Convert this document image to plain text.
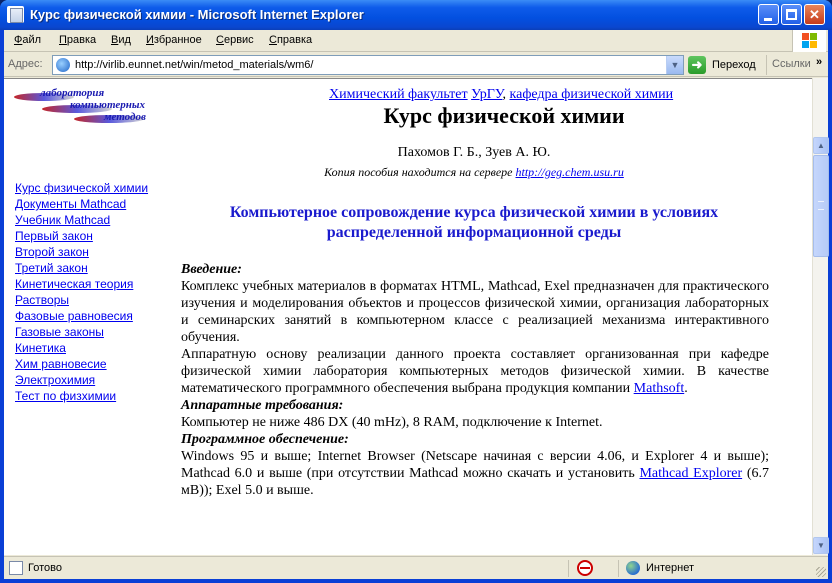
Курс физической химии - Microsoft Internet Explorer	✕
Файл Правка Вид Избранное Сервис Справка
Адрес:	http://virlib.eunnet.net/win/metod_materials/wm6/	▼ ➜ Переход Ссылки »
лаборатория
компьютерных
методов
Курс физической химии
Документы Mathcad
Учебник Mathcad
Первый закон
Второй закон
Третий закон
Кинетическая теория
Растворы
Фазовые равновесия
Газовые законы
Кинетика
Хим равновесие
Электрохимия
Тест по физхимии
Химический факультет УрГУ, кафедра физической химии
Курс физической химии
Пахомов Г. Б., Зуев А. Ю.
Копия пособия находится на сервере http://geg.chem.usu.ru
Компьютерное сопровождение курса физической химии в условиях распределенной информационной среды

Введение:

Комплекс учебных материалов в форматах HTML, Mathcad, Exel предназначен для практического изучения и моделирования объектов и процессов физической химии, организация лабораторных и семинарских занятий в компьютерном классе с реализацией механизма интерактивного обучения.

Аппаратную основу реализации данного проекта составляет организованная при кафедре физической химии лаборатория компьютерных методов физической химии. В качестве математического программного обеспечения выбрана продукция компании Mathsoft.

Аппаратные требования:

Компьютер не ниже 486 DX (40 mHz), 8 RAM, подключение к Internet.

Программное обеспечение:

Windows 95 и выше; Internet Browser (Netscape начиная с версии 4.06, и Explorer 4 и выше); Mathcad 6.0 и выше (при отсутствии Mathcad можно скачать и установить Mathcad Explorer (6.7 мВ)); Exel 5.0 и выше.

▲
▼
Готово	Интернет
